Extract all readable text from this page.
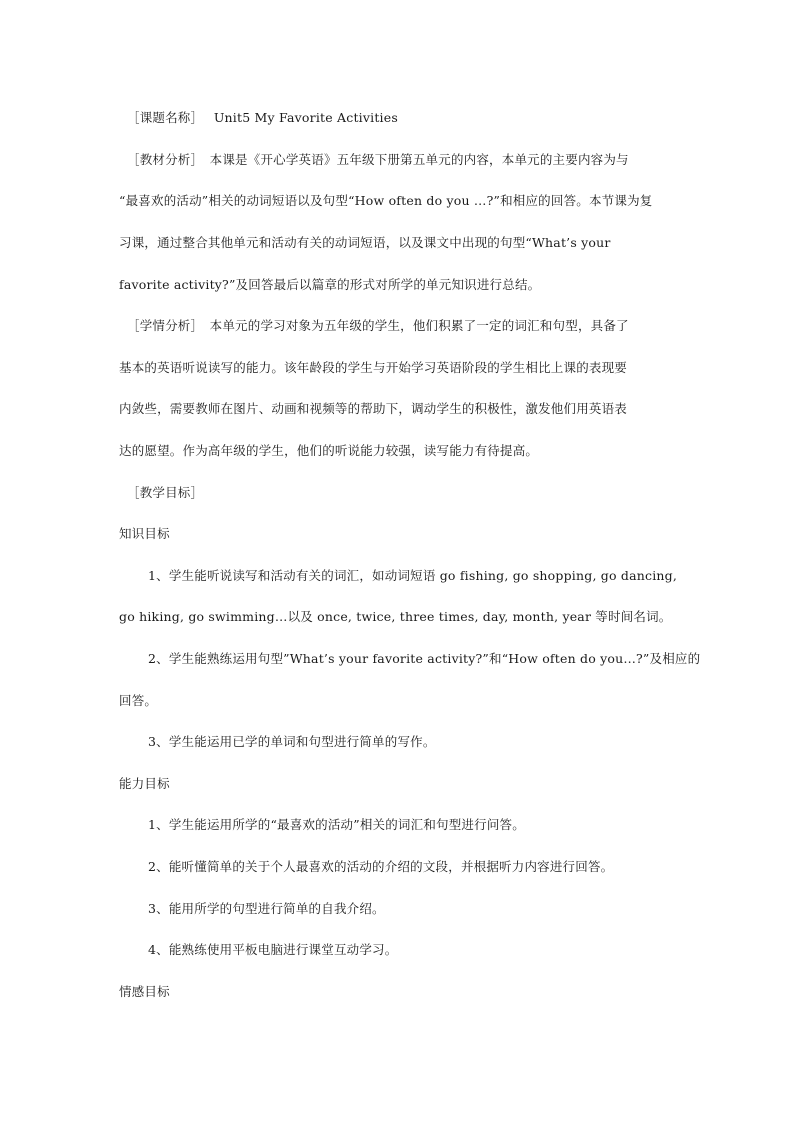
［课题名称］　 Unit5 My Favorite Activities
［教材分析］　本课是《开心学英语》五年级下册第五单元的内容，本单元的主要内容为与
“最喜欢的活动”相关的动词短语以及句型“How often do you …?”和相应的回答。本节课为复
习课，通过整合其他单元和活动有关的动词短语，以及课文中出现的句型“What’s your
favorite activity?”及回答最后以篇章的形式对所学的单元知识进行总结。
［学情分析］　本单元的学习对象为五年级的学生，他们积累了一定的词汇和句型，具备了
基本的英语听说读写的能力。该年龄段的学生与开始学习英语阶段的学生相比上课的表现要
内敛些，需要教师在图片、动画和视频等的帮助下，调动学生的积极性，激发他们用英语表
达的愿望。作为高年级的学生，他们的听说能力较强，读写能力有待提高。
［教学目标］
知识目标
1、学生能听说读写和活动有关的词汇，如动词短语 go fishing, go shopping, go dancing,
go hiking, go swimming…以及 once, twice, three times, day, month, year 等时间名词。
2、学生能熟练运用句型”What’s your favorite activity?”和“How often do you…?”及相应的
回答。
3、学生能运用已学的单词和句型进行简单的写作。
能力目标
1、学生能运用所学的“最喜欢的活动”相关的词汇和句型进行问答。
2、能听懂简单的关于个人最喜欢的活动的介绍的文段，并根据听力内容进行回答。
3、能用所学的句型进行简单的自我介绍。
4、能熟练使用平板电脑进行课堂互动学习。
情感目标
